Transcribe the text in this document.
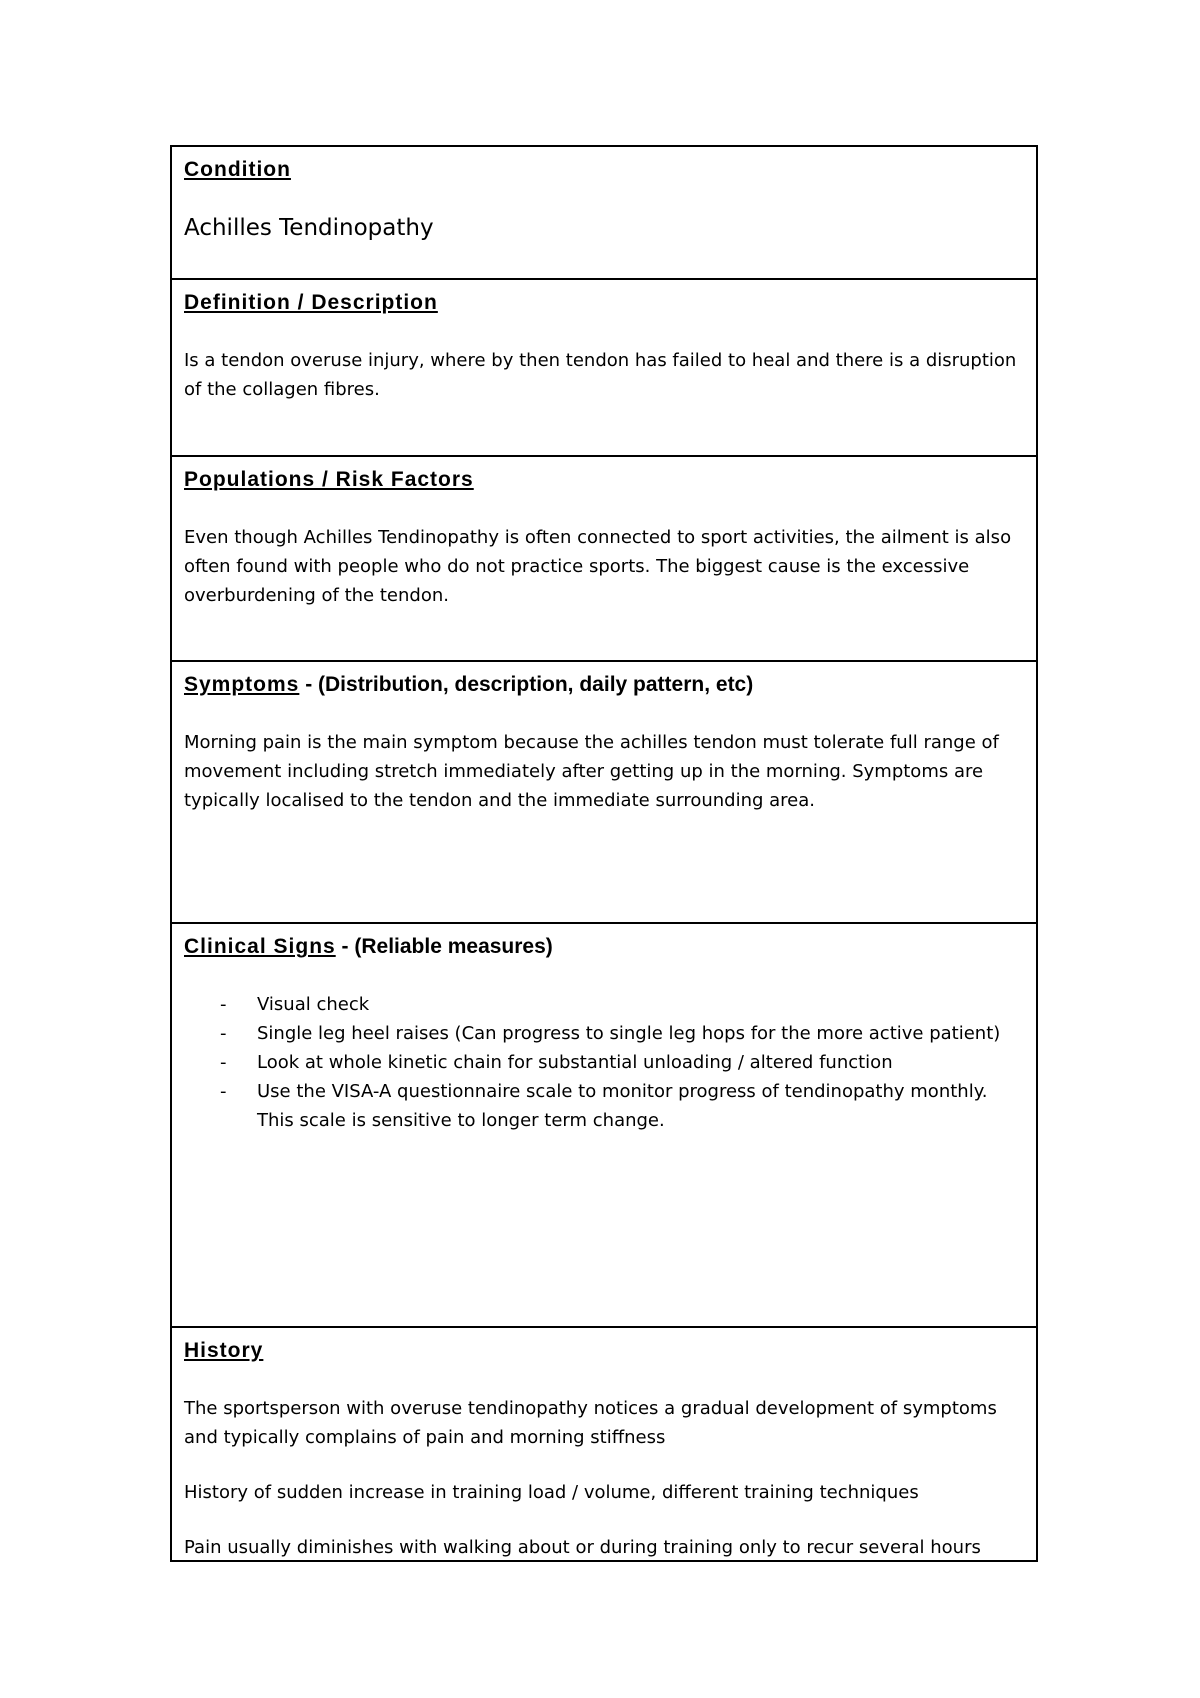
Condition

Achilles Tendinopathy

Definition / Description

Is a tendon overuse injury, where by then tendon has failed to heal and there is a disruption of the collagen fibres.

Populations / Risk Factors

Even though Achilles Tendinopathy is often connected to sport activities, the ailment is also often found with people who do not practice sports. The biggest cause is the excessive overburdening of the tendon.

Symptoms - (Distribution, description, daily pattern, etc)

Morning pain is the main symptom because the achilles tendon must tolerate full range of movement including stretch immediately after getting up in the morning. Symptoms are typically localised to the tendon and the immediate surrounding area.

Clinical Signs - (Reliable measures)

- Visual check
- Single leg heel raises (Can progress to single leg hops for the more active patient)
- Look at whole kinetic chain for substantial unloading / altered function
- Use the VISA-A questionnaire scale to monitor progress of tendinopathy monthly. This scale is sensitive to longer term change.

History

The sportsperson with overuse tendinopathy notices a gradual development of symptoms and typically complains of pain and morning stiffness

History of sudden increase in training load / volume, different training techniques

Pain usually diminishes with walking about or during training only to recur several hours
